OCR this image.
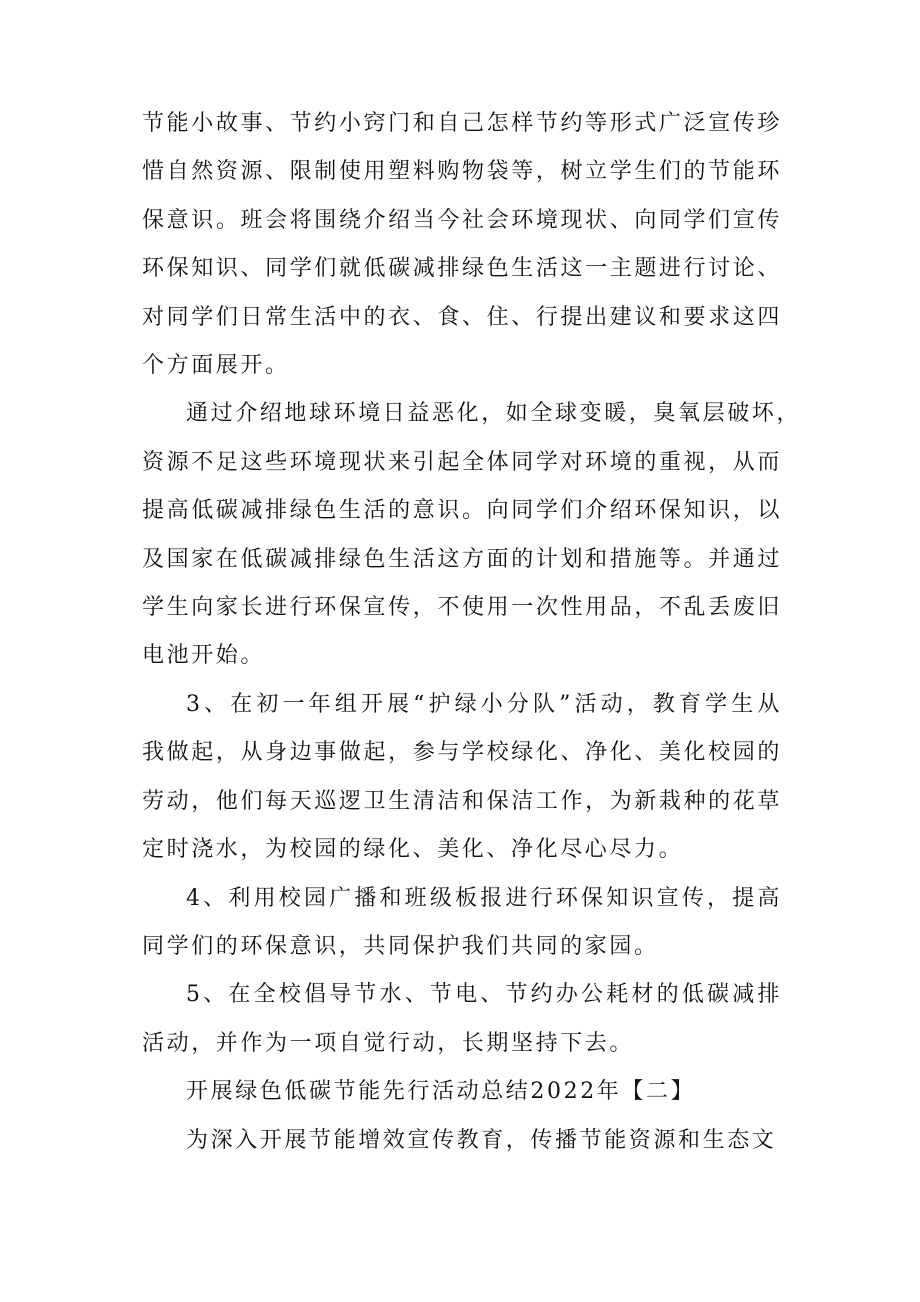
节能小故事、节约小窍门和自己怎样节约等形式广泛宣传珍
惜自然资源、限制使用塑料购物袋等，树立学生们的节能环
保意识。班会将围绕介绍当今社会环境现状、向同学们宣传
环保知识、同学们就低碳减排绿色生活这一主题进行讨论、
对同学们日常生活中的衣、食、住、行提出建议和要求这四
个方面展开。
通过介绍地球环境日益恶化，如全球变暖，臭氧层破坏，
资源不足这些环境现状来引起全体同学对环境的重视，从而
提高低碳减排绿色生活的意识。向同学们介绍环保知识，以
及国家在低碳减排绿色生活这方面的计划和措施等。并通过
学生向家长进行环保宣传，不使用一次性用品，不乱丢废旧
电池开始。
3、在初一年组开展“护绿小分队”活动，教育学生从
我做起，从身边事做起，参与学校绿化、净化、美化校园的
劳动，他们每天巡逻卫生清洁和保洁工作，为新栽种的花草
定时浇水，为校园的绿化、美化、净化尽心尽力。
4、利用校园广播和班级板报进行环保知识宣传，提高
同学们的环保意识，共同保护我们共同的家园。
5、在全校倡导节水、节电、节约办公耗材的低碳减排
活动，并作为一项自觉行动，长期坚持下去。
开展绿色低碳节能先行活动总结2022年【二】
为深入开展节能增效宣传教育，传播节能资源和生态文
